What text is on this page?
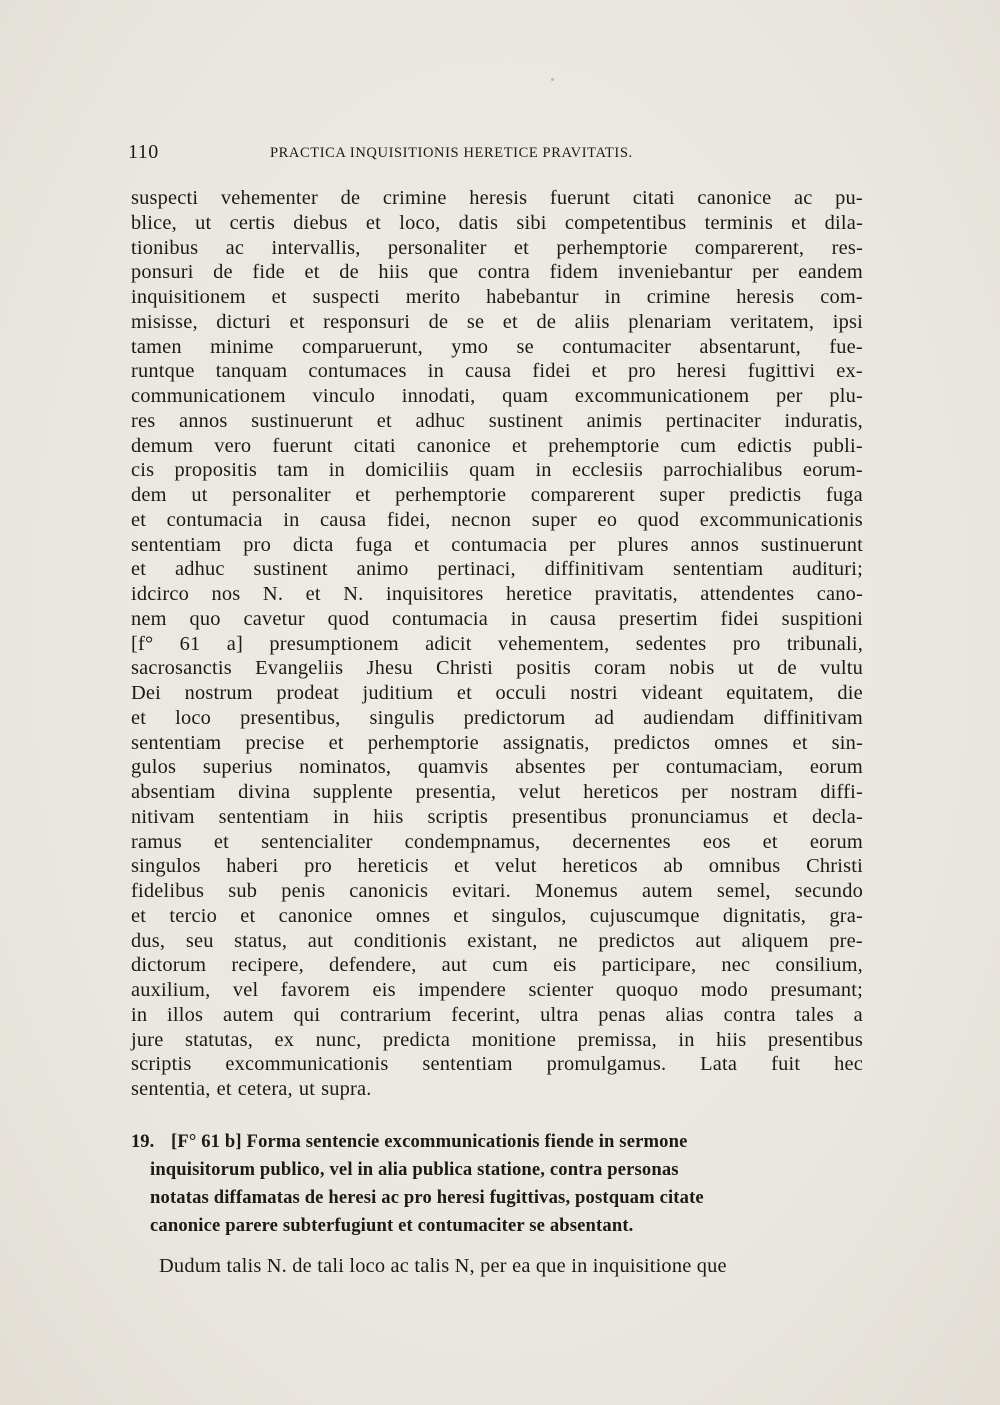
110	PRACTICA INQUISITIONIS HERETICE PRAVITATIS.
suspecti vehementer de crimine heresis fuerunt citati canonice ac pu-
blice, ut certis diebus et loco, datis sibi competentibus terminis et dila-
tionibus ac intervallis, personaliter et perhemptorie comparerent, res-
ponsuri de fide et de hiis que contra fidem inveniebantur per eandem
inquisitionem et suspecti merito habebantur in crimine heresis com-
misisse, dicturi et responsuri de se et de aliis plenariam veritatem, ipsi
tamen minime comparuerunt, ymo se contumaciter absentarunt, fue-
runtque tanquam contumaces in causa fidei et pro heresi fugittivi ex-
communicationem vinculo innodati, quam excommunicationem per plu-
res annos sustinuerunt et adhuc sustinent animis pertinaciter induratis,
demum vero fuerunt citati canonice et prehemptorie cum edictis publi-
cis propositis tam in domiciliis quam in ecclesiis parrochialibus eorum-
dem ut personaliter et perhemptorie comparerent super predictis fuga
et contumacia in causa fidei, necnon super eo quod excommunicationis
sententiam pro dicta fuga et contumacia per plures annos sustinuerunt
et adhuc sustinent animo pertinaci, diffinitivam sententiam audituri;
idcirco nos N. et N. inquisitores heretice pravitatis, attendentes cano-
nem quo cavetur quod contumacia in causa presertim fidei suspitioni
[f° 61 a] presumptionem adicit vehementem, sedentes pro tribunali,
sacrosanctis Evangeliis Jhesu Christi positis coram nobis ut de vultu
Dei nostrum prodeat juditium et occuli nostri videant equitatem, die
et loco presentibus, singulis predictorum ad audiendam diffinitivam
sententiam precise et perhemptorie assignatis, predictos omnes et sin-
gulos superius nominatos, quamvis absentes per contumaciam, eorum
absentiam divina supplente presentia, velut hereticos per nostram diffi-
nitivam sententiam in hiis scriptis presentibus pronunciamus et decla-
ramus et sentencialiter condempnamus, decernentes eos et eorum
singulos haberi pro hereticis et velut hereticos ab omnibus Christi
fidelibus sub penis canonicis evitari. Monemus autem semel, secundo
et tercio et canonice omnes et singulos, cujuscumque dignitatis, gra-
dus, seu status, aut conditionis existant, ne predictos aut aliquem pre-
dictorum recipere, defendere, aut cum eis participare, nec consilium,
auxilium, vel favorem eis impendere scienter quoquo modo presumant;
in illos autem qui contrarium fecerint, ultra penas alias contra tales a
jure statutas, ex nunc, predicta monitione premissa, in hiis presentibus
scriptis excommunicationis sententiam promulgamus. Lata fuit hec
sententia, et cetera, ut supra.
19. [F° 61 b] Forma sentencie excommunicationis fiende in sermone
inquisitorum publico, vel in alia publica statione, contra personas
notatas diffamatas de heresi ac pro heresi fugittivas, postquam citate
canonice parere subterfugiunt et contumaciter se absentant.
Dudum talis N. de tali loco ac talis N, per ea que in inquisitione que
